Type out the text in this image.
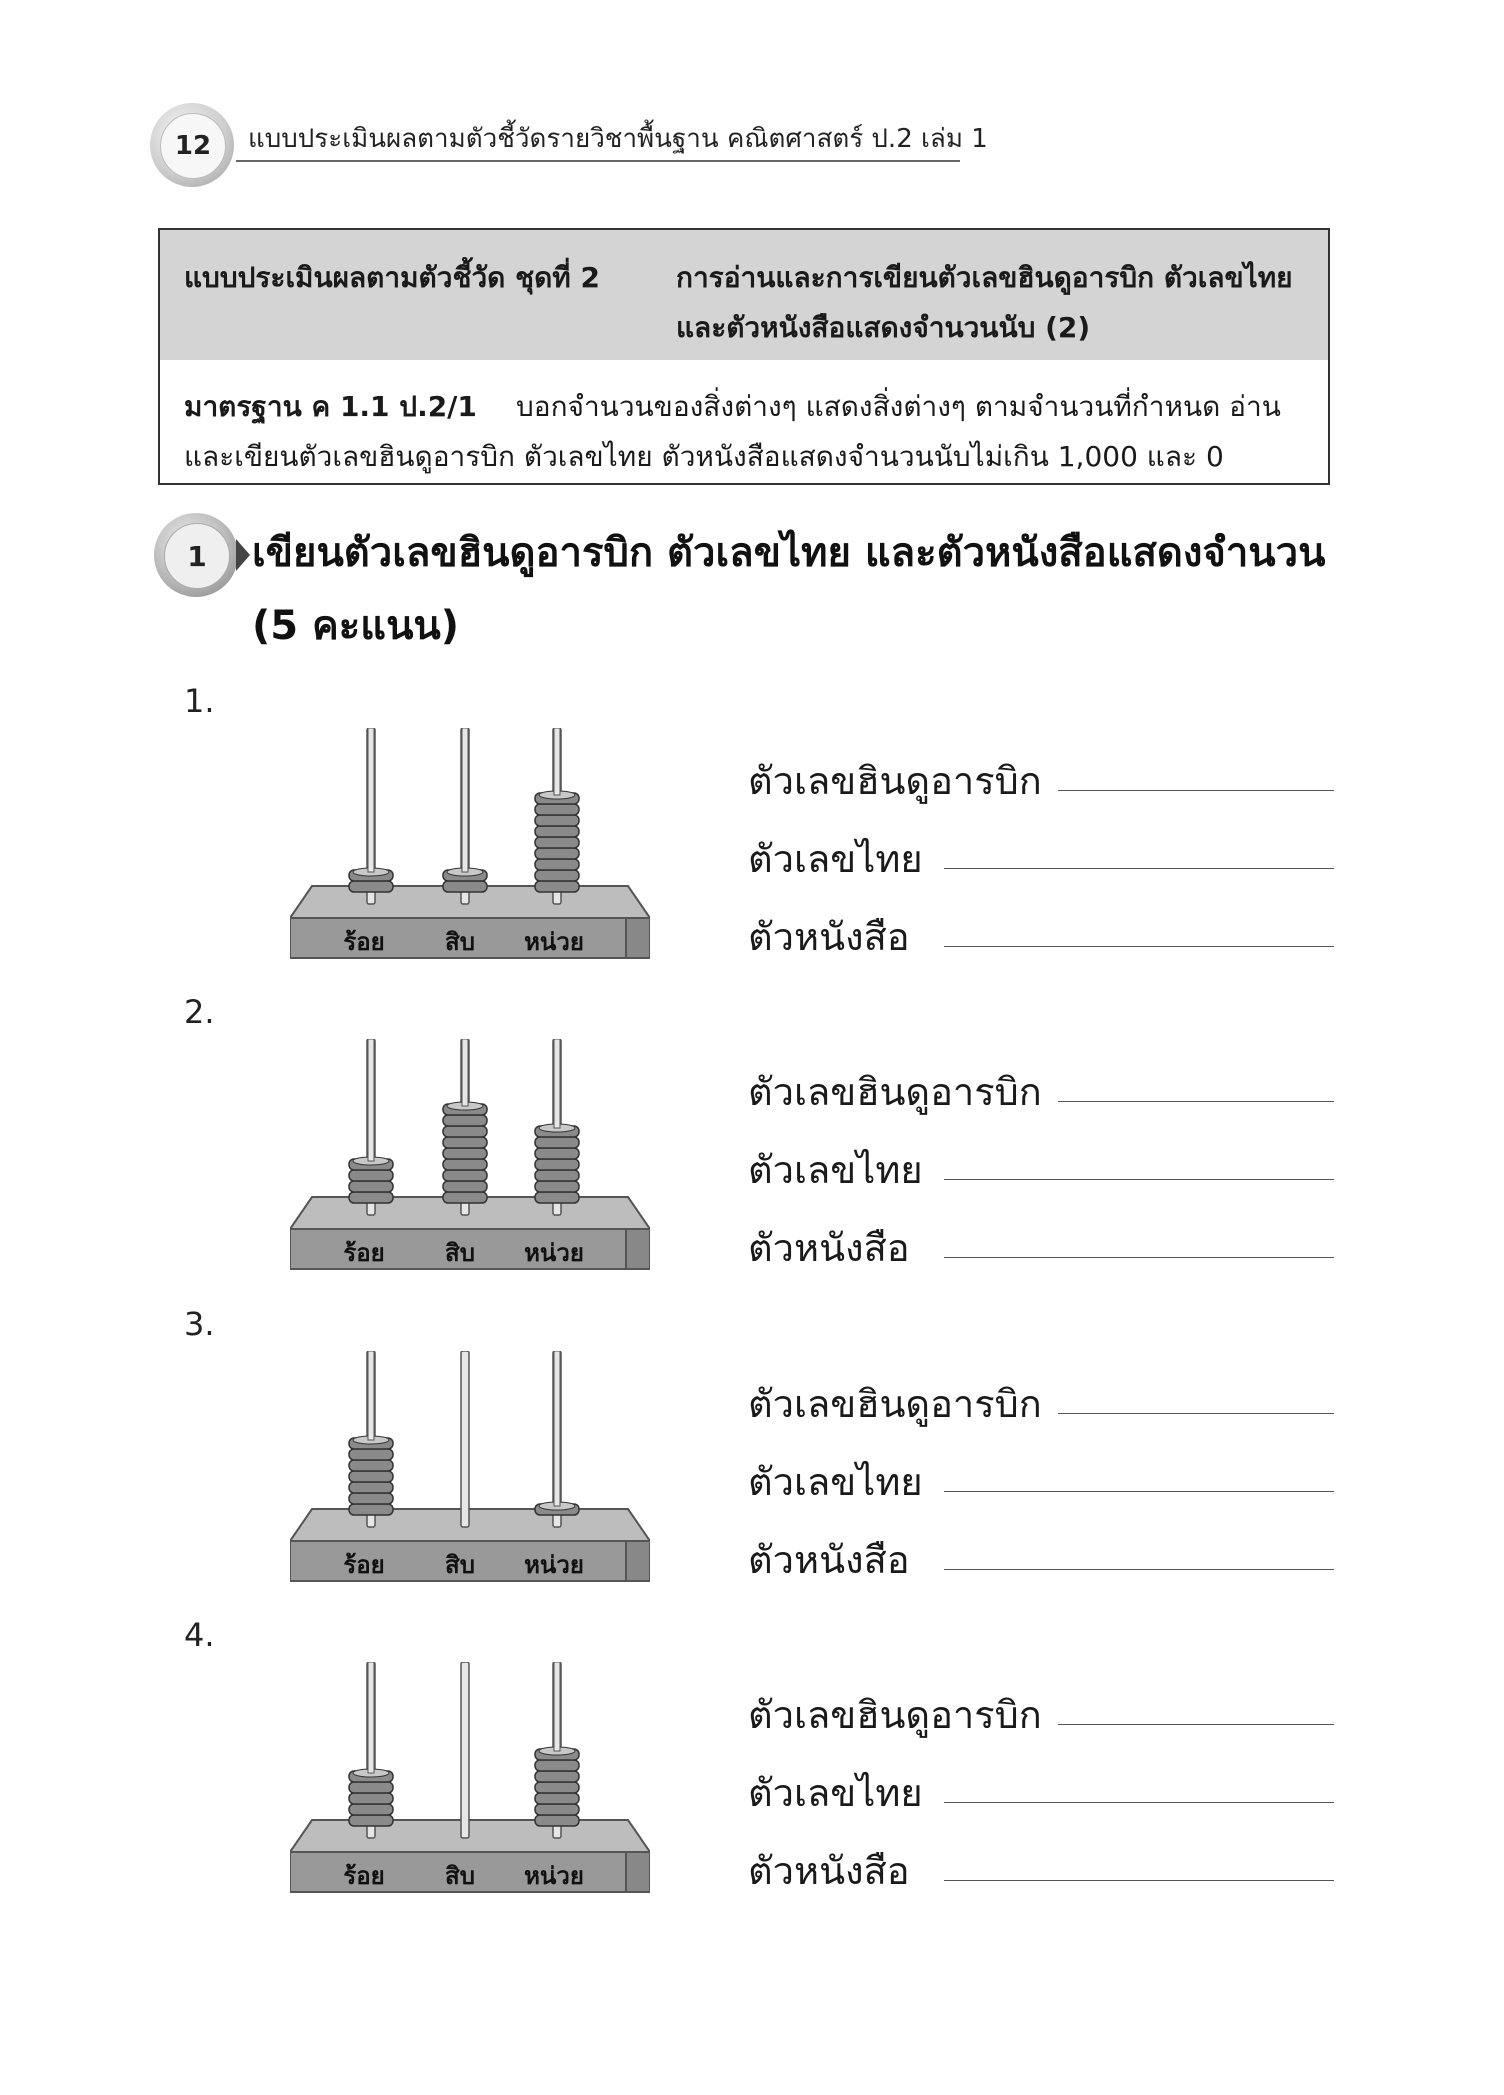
12	แบบประเมินผลตามตัวชี้วัดรายวิชาพื้นฐาน คณิตศาสตร์ ป.2 เล่ม 1
แบบประเมินผลตามตัวชี้วัด ชุดที่ 2	การอ่านและการเขียนตัวเลขฮินดูอารบิก ตัวเลขไทย
และตัวหนังสือแสดงจำนวนนับ (2)
มาตรฐาน ค 1.1 ป.2/1 บอกจำนวนของสิ่งต่างๆ แสดงสิ่งต่างๆ ตามจำนวนที่กำหนด อ่าน
และเขียนตัวเลขฮินดูอารบิก ตัวเลขไทย ตัวหนังสือแสดงจำนวนนับไม่เกิน 1,000 และ 0
1	เขียนตัวเลขฮินดูอารบิก ตัวเลขไทย และตัวหนังสือแสดงจำนวน
(5 คะแนน)
1.
ร้อย	สิบ หน่วย
ตัวเลขฮินดูอารบิก
ตัวเลขไทย
ตัวหนังสือ
2.
ร้อย	สิบ หน่วย
ตัวเลขฮินดูอารบิก
ตัวเลขไทย
ตัวหนังสือ
3.
ร้อย	สิบ หน่วย
ตัวเลขฮินดูอารบิก
ตัวเลขไทย
ตัวหนังสือ
4.
ร้อย	สิบ หน่วย
ตัวเลขฮินดูอารบิก
ตัวเลขไทย
ตัวหนังสือ
